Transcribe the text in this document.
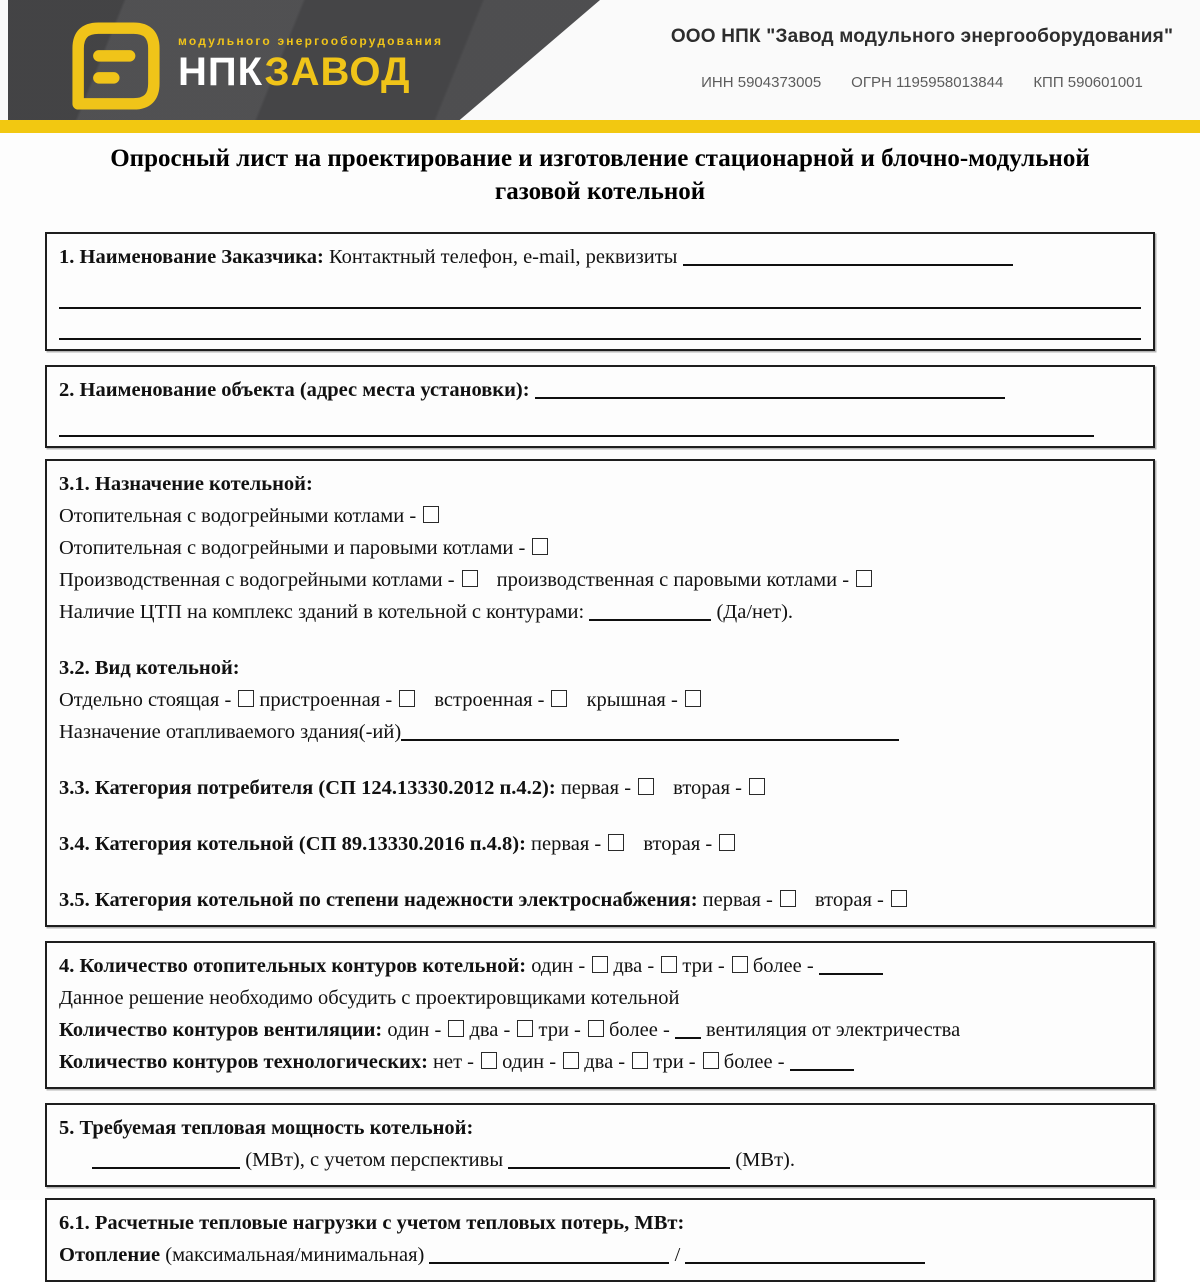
модульного энергооборудования
НПКЗАВОД
ООО НПК "Завод модульного энергооборудования"
ИНН 5904373005 ОГРН 1195958013844 КПП 590601001
Опросный лист на проектирование и изготовление стационарной и блочно-модульной газовой котельной
1. Наименование Заказчика: Контактный телефон, e-mail, реквизиты
2. Наименование объекта (адрес места установки):
3.1. Назначение котельной:
Отопительная с водогрейными котлами -
Отопительная с водогрейными и паровыми котлами -
Производственная с водогрейными котлами - производственная с паровыми котлами -
Наличие ЦТП на комплекс зданий в котельной с контурами:	(Да/нет).
3.2. Вид котельной:
Отдельно стоящая - пристроенная - встроенная - крышная -
Назначение отапливаемого здания(-ий)
3.3. Категория потребителя (СП 124.13330.2012 п.4.2): первая - вторая -
3.4. Категория котельной (СП 89.13330.2016 п.4.8): первая - вторая -
3.5. Категория котельной по степени надежности электроснабжения: первая - вторая -
4. Количество отопительных контуров котельной: один - два - три - более -
Данное решение необходимо обсудить с проектировщиками котельной
Количество контуров вентиляции: один - два - три - более - вентиляция от электричества
Количество контуров технологических: нет - один - два - три - более -
5. Требуемая тепловая мощность котельной:
(МВт), с учетом перспективы	(МВт).
6.1. Расчетные тепловые нагрузки с учетом тепловых потерь, МВт:
Отопление (максимальная/минимальная)	/
